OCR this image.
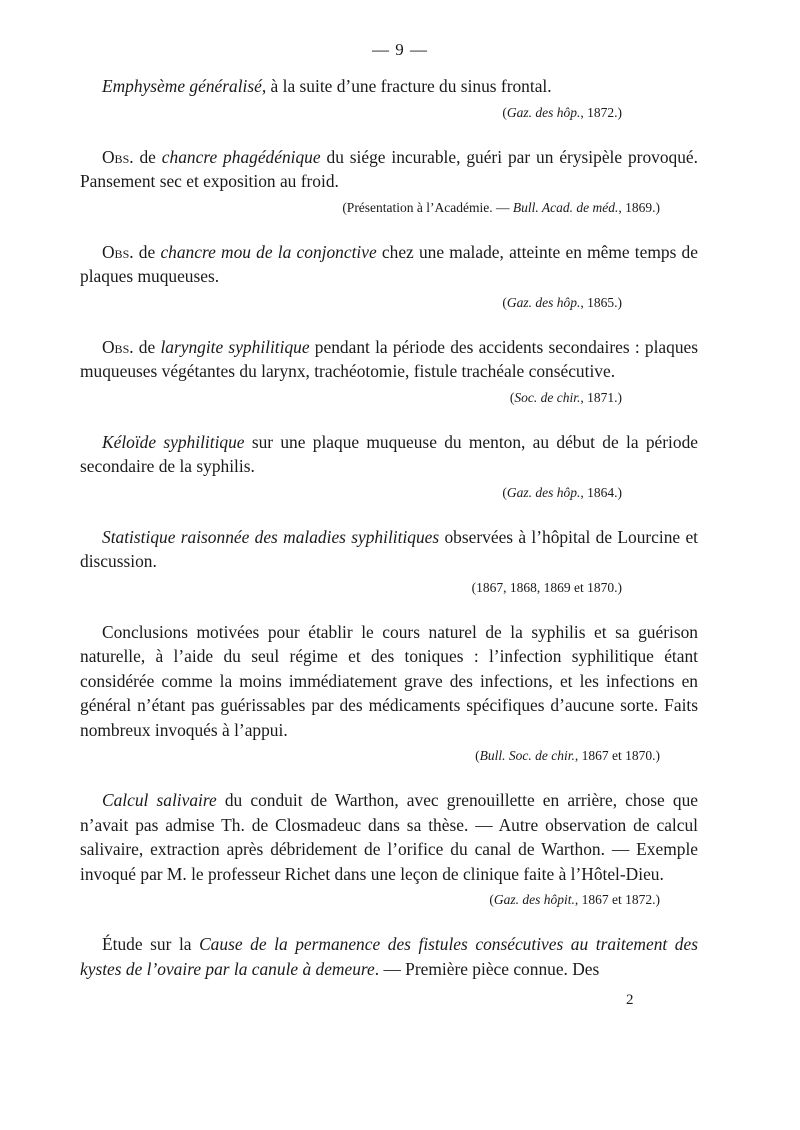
— 9 —

Emphysème généralisé, à la suite d’une fracture du sinus frontal.

(Gaz. des hôp., 1872.)

Obs. de chancre phagédénique du siége incurable, guéri par un érysipèle provoqué. Pansement sec et exposition au froid.

(Présentation à l’Académie. — Bull. Acad. de méd., 1869.)

Obs. de chancre mou de la conjonctive chez une malade, atteinte en même temps de plaques muqueuses.

(Gaz. des hôp., 1865.)

Obs. de laryngite syphilitique pendant la période des accidents secondaires : plaques muqueuses végétantes du larynx, trachéotomie, fistule trachéale consécutive.

(Soc. de chir., 1871.)

Kéloïde syphilitique sur une plaque muqueuse du menton, au début de la période secondaire de la syphilis.

(Gaz. des hôp., 1864.)

Statistique raisonnée des maladies syphilitiques observées à l’hôpital de Lourcine et discussion.

(1867, 1868, 1869 et 1870.)

Conclusions motivées pour établir le cours naturel de la syphilis et sa guérison naturelle, à l’aide du seul régime et des toniques : l’infection syphilitique étant considérée comme la moins immédiatement grave des infections, et les infections en général n’étant pas guérissables par des médicaments spécifiques d’aucune sorte. Faits nombreux invoqués à l’appui.

(Bull. Soc. de chir., 1867 et 1870.)

Calcul salivaire du conduit de Warthon, avec grenouillette en arrière, chose que n’avait pas admise Th. de Closmadeuc dans sa thèse. — Autre observation de calcul salivaire, extraction après débridement de l’orifice du canal de Warthon. — Exemple invoqué par M. le professeur Richet dans une leçon de clinique faite à l’Hôtel-Dieu.

(Gaz. des hôpit., 1867 et 1872.)

Étude sur la Cause de la permanence des fistules consécutives au traitement des kystes de l’ovaire par la canule à demeure. — Première pièce connue. Des

2
